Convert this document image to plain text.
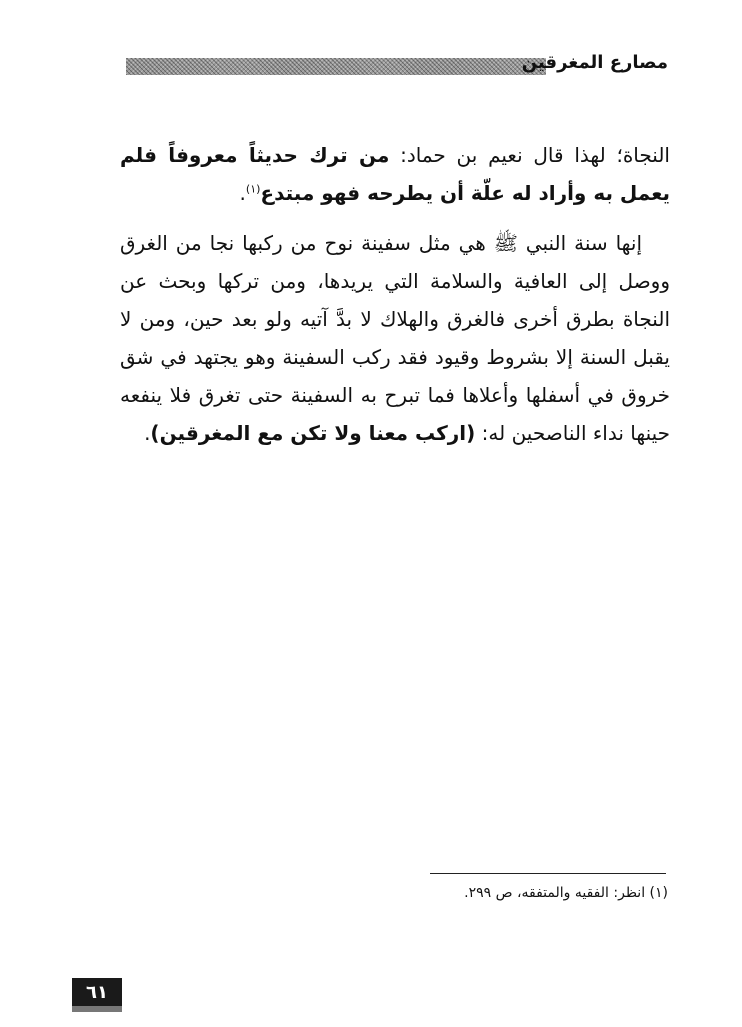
مصارع المغرقين

النجاة؛ لهذا قال نعيم بن حماد: من ترك حديثاً معروفاً فلم يعمل به وأراد له علّة أن يطرحه فهو مبتدع$^{(١)}$.

إنها سنة النبي ﷺ هي مثل سفينة نوح من ركبها نجا من الغرق ووصل إلى العافية والسلامة التي يريدها، ومن تركها وبحث عن النجاة بطرق أخرى فالغرق والهلاك لا بدَّ آتيه ولو بعد حين، ومن لا يقبل السنة إلا بشروط وقيود فقد ركب السفينة وهو يجتهد في شق خروق في أسفلها وأعلاها فما تبرح به السفينة حتى تغرق فلا ينفعه حينها نداء الناصحين له: (اركب معنا ولا تكن مع المغرقين).

(١) انظر: الفقيه والمتفقه، ص ٢٩٩.
٦١
